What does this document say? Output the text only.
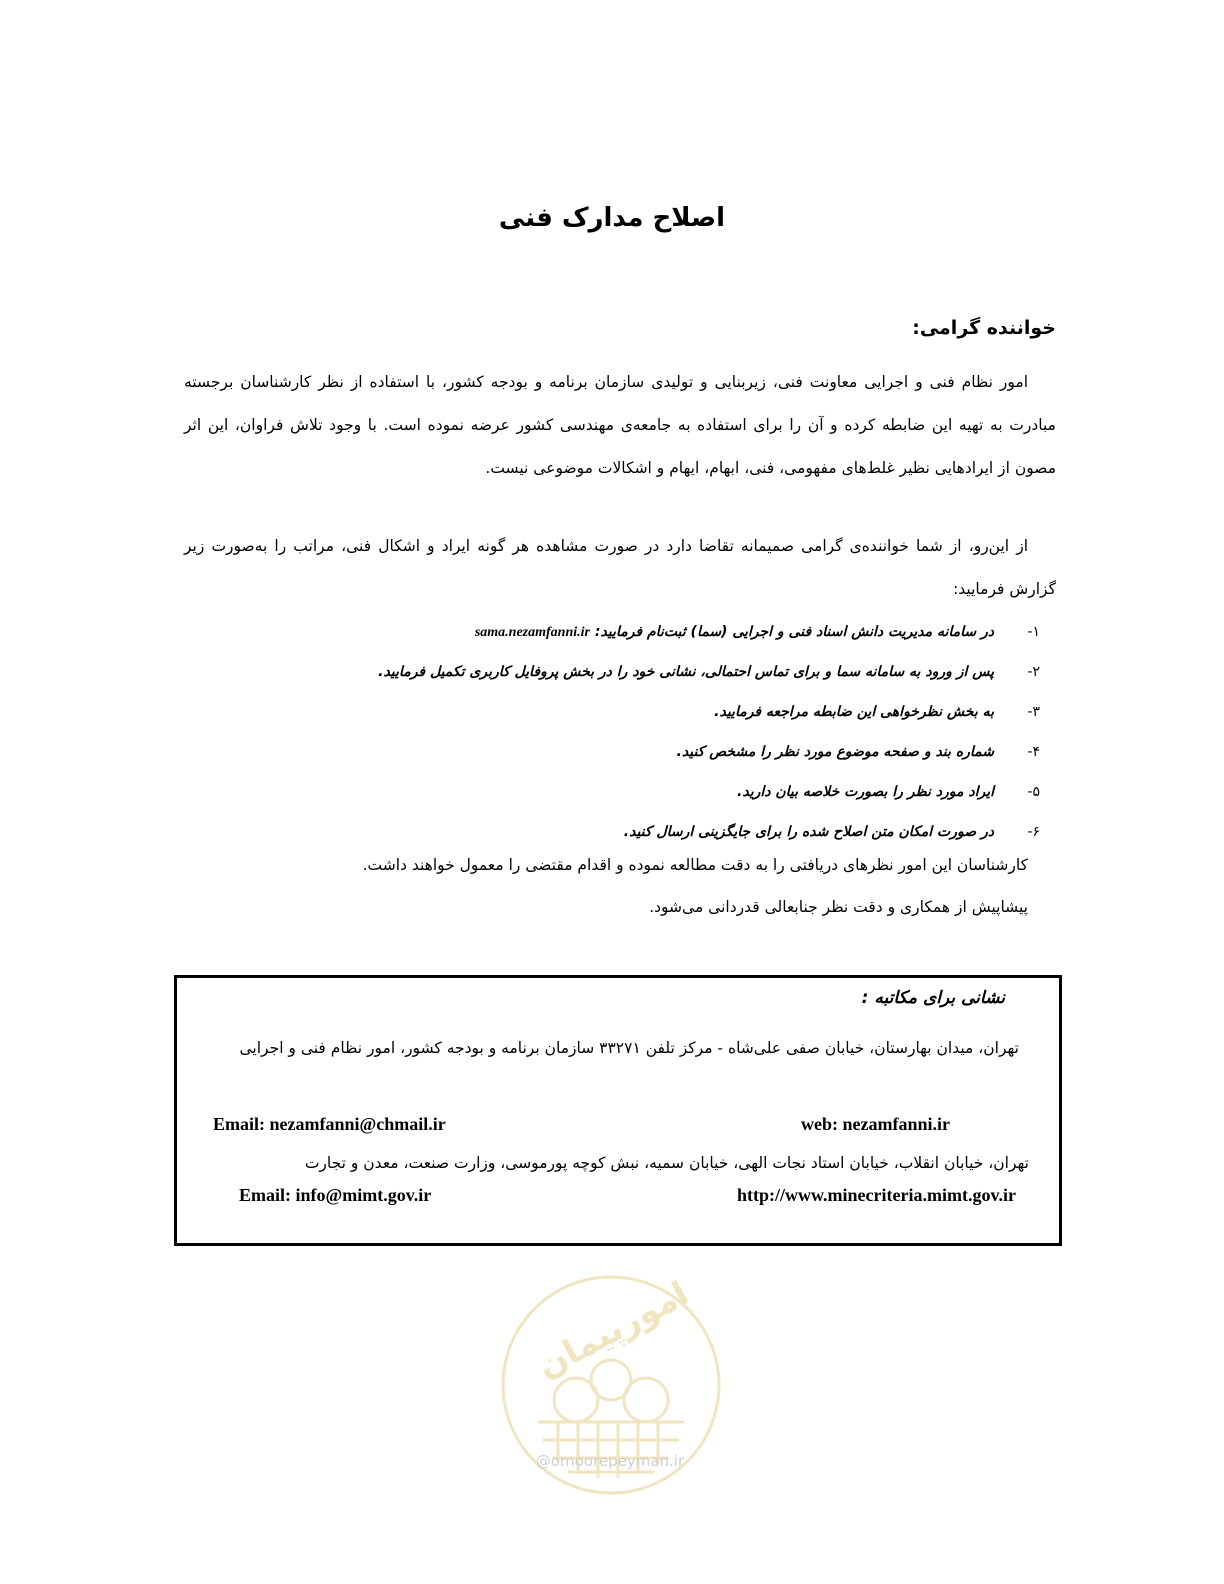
اصلاح مدارک فنی
خواننده گرامی:
امور نظام فنی و اجرایی معاونت فنی، زیربنایی و تولیدی سازمان برنامه و بودجه کشور، با استفاده از نظر کارشناسان برجسته مبادرت به تهیه این ضابطه کرده و آن را برای استفاده به جامعه‌ی مهندسی کشور عرضه نموده است. با وجود تلاش فراوان، این اثر مصون از ایرادهایی نظیر غلط‌های مفهومی، فنی، ابهام، ایهام و اشکالات موضوعی نیست.
از این‌رو، از شما خواننده‌ی گرامی صمیمانه تقاضا دارد در صورت مشاهده هر گونه ایراد و اشکال فنی، مراتب را به‌صورت زیر گزارش فرمایید:
۱-در سامانه مدیریت دانش اسناد فنی و اجرایی (سما) ثبت‌نام فرمایید: sama.nezamfanni.ir
۲-پس از ورود به سامانه سما و برای تماس احتمالی، نشانی خود را در بخش پروفایل کاربری تکمیل فرمایید.
۳-به بخش نظرخواهی این ضابطه مراجعه فرمایید.
۴-شماره بند و صفحه موضوع مورد نظر را مشخص کنید.
۵-ایراد مورد نظر را بصورت خلاصه بیان دارید.
۶-در صورت امکان متن اصلاح شده را برای جایگزینی ارسال کنید.
کارشناسان این امور نظرهای دریافتی را به دقت مطالعه نموده و اقدام مقتضی را معمول خواهند داشت.
پیشاپیش از همکاری و دقت نظر جنابعالی قدردانی می‌شود.
نشانی برای مکاتبه :
تهران، میدان بهارستان، خیابان صفی علی‌شاه - مرکز تلفن ۳۳۲۷۱ سازمان برنامه و بودجه کشور، امور نظام فنی و اجرایی
Email: nezamfanni@chmail.ir	web: nezamfanni.ir
تهران، خیابان انقلاب، خیابان استاد نجات الهی، خیابان سمیه، نبش کوچه پورموسی، وزارت صنعت، معدن و تجارت
Email: info@mimt.gov.ir	http://www.minecriteria.mimt.gov.ir
امورپیمان
@omoorepeyman.ir
